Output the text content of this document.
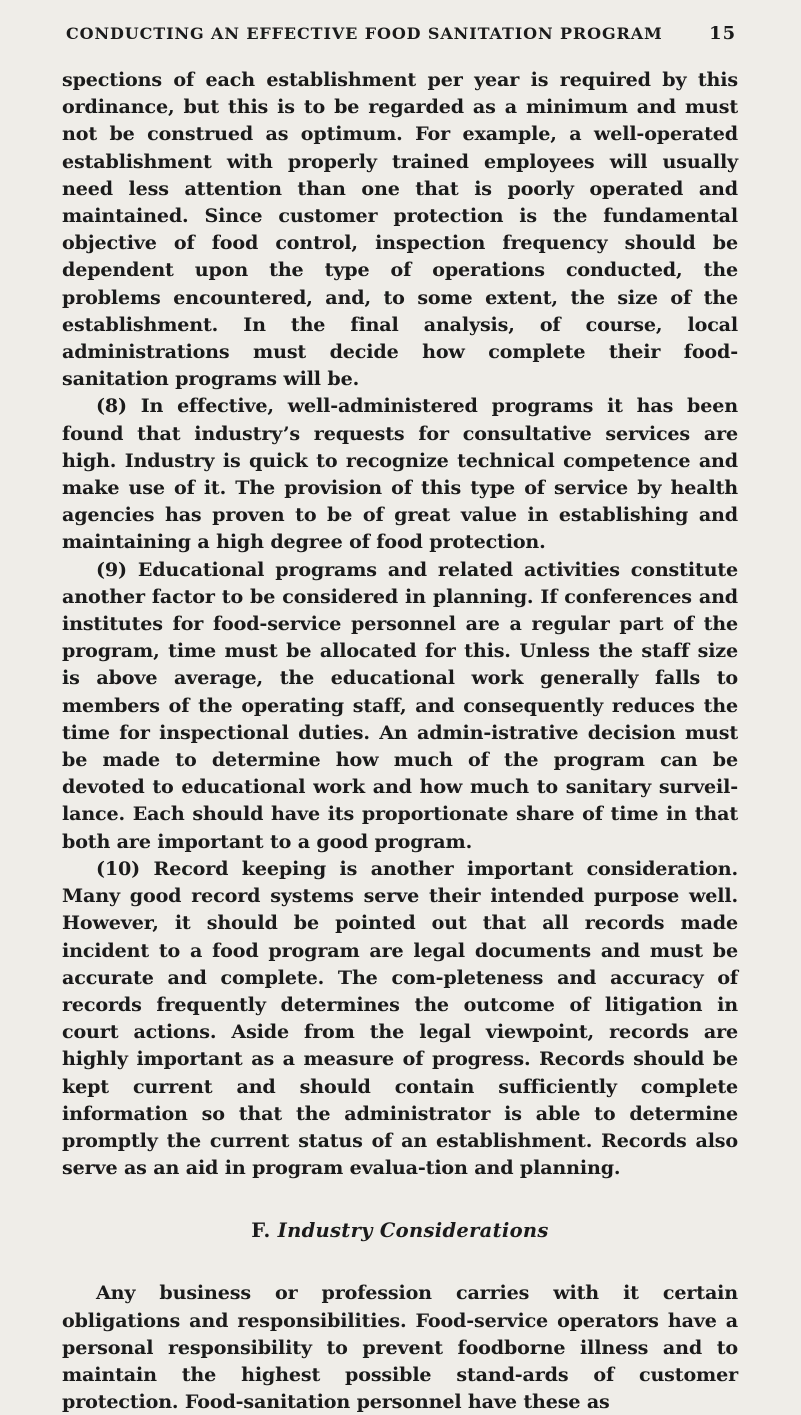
CONDUCTING AN EFFECTIVE FOOD SANITATION PROGRAM	15

spections of each establishment per year is required by this ordinance, but this is to be regarded as a minimum and must not be construed as optimum. For example, a well-operated establishment with properly trained employees will usually need less attention than one that is poorly operated and maintained. Since customer protection is the fundamental objective of food control, inspection frequency should be dependent upon the type of operations conducted, the problems encountered, and, to some extent, the size of the establishment. In the final analysis, of course, local administrations must decide how complete their food-sanitation programs will be.

(8) In effective, well-administered programs it has been found that industry’s requests for consultative services are high. Industry is quick to recognize technical competence and make use of it. The provision of this type of service by health agencies has proven to be of great value in establishing and maintaining a high degree of food protection.

(9) Educational programs and related activities constitute another factor to be considered in planning. If conferences and institutes for food-service personnel are a regular part of the program, time must be allocated for this. Unless the staff size is above average, the educational work generally falls to members of the operating staff, and consequently reduces the time for inspectional duties. An admin-istrative decision must be made to determine how much of the program can be devoted to educational work and how much to sanitary surveil-lance. Each should have its proportionate share of time in that both are important to a good program.

(10) Record keeping is another important consideration. Many good record systems serve their intended purpose well. However, it should be pointed out that all records made incident to a food program are legal documents and must be accurate and complete. The com-pleteness and accuracy of records frequently determines the outcome of litigation in court actions. Aside from the legal viewpoint, records are highly important as a measure of progress. Records should be kept current and should contain sufficiently complete information so that the administrator is able to determine promptly the current status of an establishment. Records also serve as an aid in program evalua-tion and planning.

F. Industry Considerations

Any business or profession carries with it certain obligations and responsibilities. Food-service operators have a personal responsibility to prevent foodborne illness and to maintain the highest possible stand-ards of customer protection. Food-sanitation personnel have these as
